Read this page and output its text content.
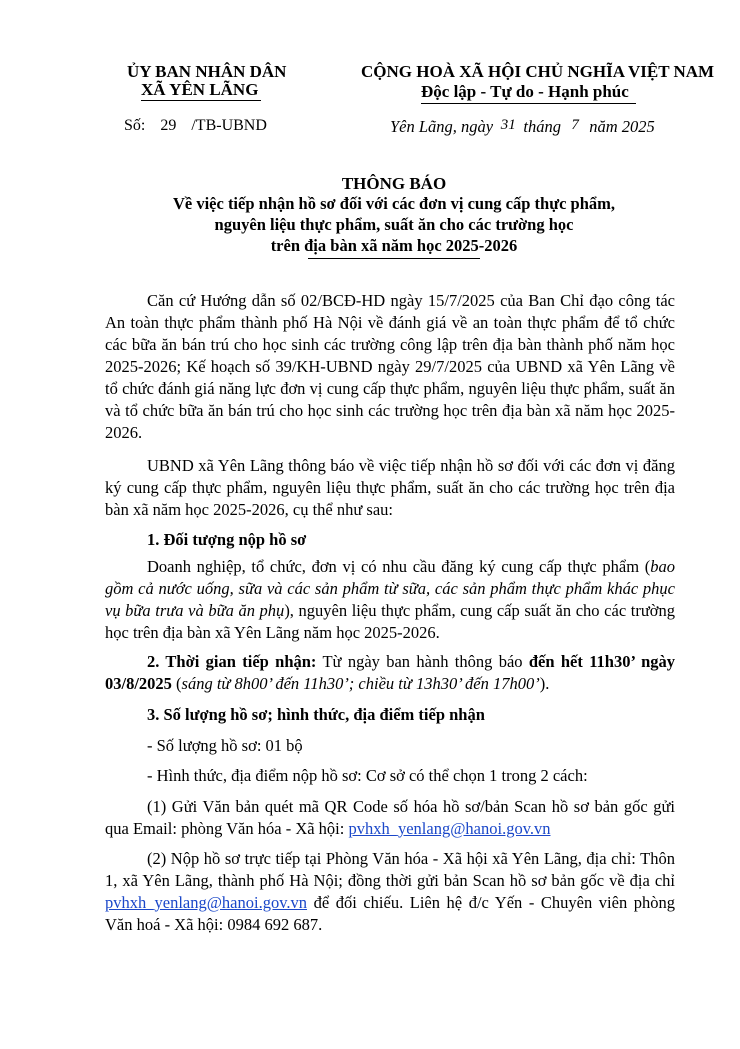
ỦY BAN NHÂN DÂN
XÃ YÊN LÃNG
CỘNG HOÀ XÃ HỘI CHỦ NGHĨA VIỆT NAM
Độc lập - Tự do - Hạnh phúc
Số: 29 /TB-UBND	Yên Lãng, ngày 31 tháng 7 năm 2025
THÔNG BÁO
Về việc tiếp nhận hồ sơ đối với các đơn vị cung cấp thực phẩm,
nguyên liệu thực phẩm, suất ăn cho các trường học
trên địa bàn xã năm học 2025-2026
Căn cứ Hướng dẫn số 02/BCĐ-HD ngày 15/7/2025 của Ban Chỉ đạo công tác An toàn thực phẩm thành phố Hà Nội về đánh giá về an toàn thực phẩm để tổ chức các bữa ăn bán trú cho học sinh các trường công lập trên địa bàn thành phố năm học 2025-2026; Kế hoạch số 39/KH-UBND ngày 29/7/2025 của UBND xã Yên Lãng về tổ chức đánh giá năng lực đơn vị cung cấp thực phẩm, nguyên liệu thực phẩm, suất ăn và tổ chức bữa ăn bán trú cho học sinh các trường học trên địa bàn xã năm học 2025-2026.
UBND xã Yên Lãng thông báo về việc tiếp nhận hồ sơ đối với các đơn vị đăng ký cung cấp thực phẩm, nguyên liệu thực phẩm, suất ăn cho các trường học trên địa bàn xã năm học 2025-2026, cụ thể như sau:
1. Đối tượng nộp hồ sơ
Doanh nghiệp, tổ chức, đơn vị có nhu cầu đăng ký cung cấp thực phẩm (bao gồm cả nước uống, sữa và các sản phẩm từ sữa, các sản phẩm thực phẩm khác phục vụ bữa trưa và bữa ăn phụ), nguyên liệu thực phẩm, cung cấp suất ăn cho các trường học trên địa bàn xã Yên Lãng năm học 2025-2026.
2. Thời gian tiếp nhận: Từ ngày ban hành thông báo đến hết 11h30’ ngày 03/8/2025 (sáng từ 8h00’ đến 11h30’; chiều từ 13h30’ đến 17h00’).
3. Số lượng hồ sơ; hình thức, địa điểm tiếp nhận
- Số lượng hồ sơ: 01 bộ
- Hình thức, địa điểm nộp hồ sơ: Cơ sở có thể chọn 1 trong 2 cách:
(1) Gửi Văn bản quét mã QR Code số hóa hồ sơ/bản Scan hồ sơ bản gốc gửi qua Email: phòng Văn hóa - Xã hội: pvhxh_yenlang@hanoi.gov.vn
(2) Nộp hồ sơ trực tiếp tại Phòng Văn hóa - Xã hội xã Yên Lãng, địa chỉ: Thôn 1, xã Yên Lãng, thành phố Hà Nội; đồng thời gửi bản Scan hồ sơ bản gốc về địa chỉ pvhxh_yenlang@hanoi.gov.vn để đối chiếu. Liên hệ đ/c Yến - Chuyên viên phòng Văn hoá - Xã hội: 0984 692 687.
